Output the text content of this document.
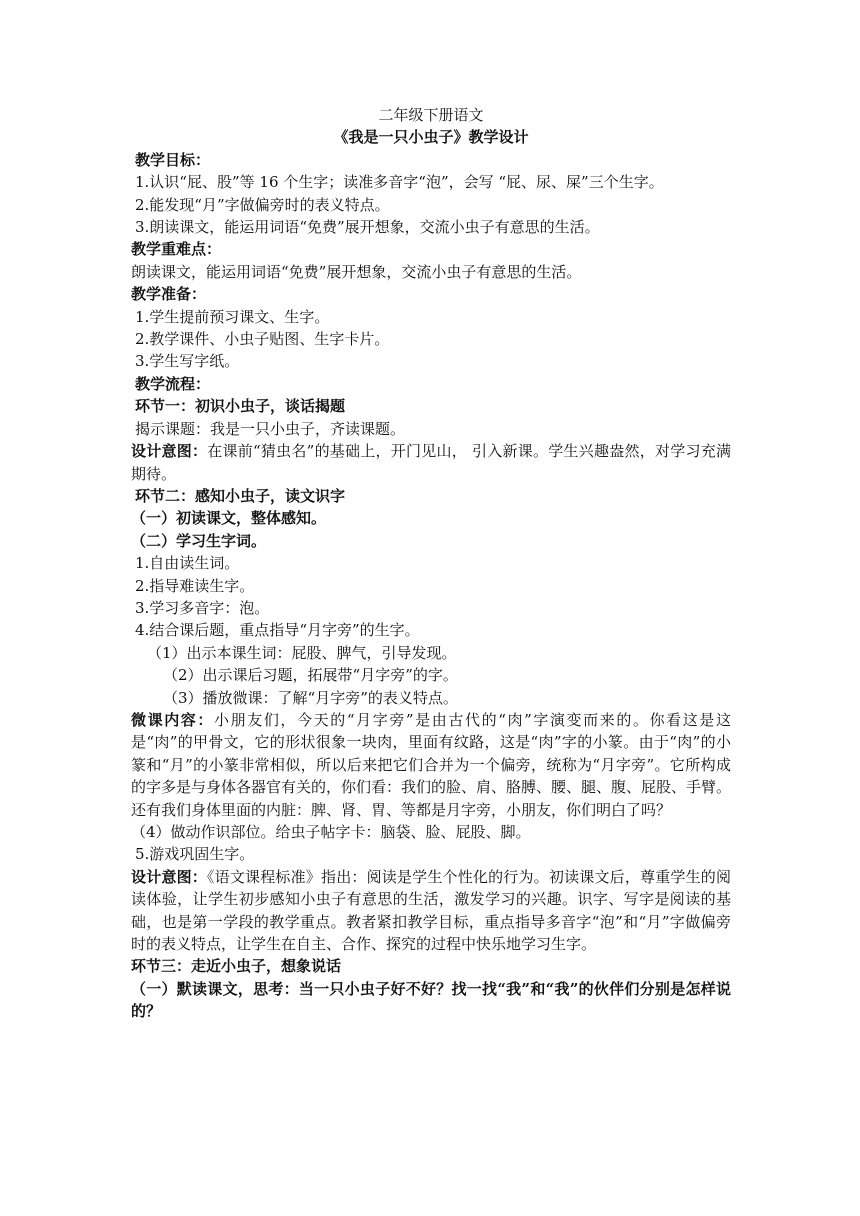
二年级下册语文

《我是一只小虫子》教学设计

教学目标：

1.认识“屁、股”等 16 个生字；读准多音字“泡”，会写 “屁、尿、屎”三个生字。

2.能发现“月”字做偏旁时的表义特点。

3.朗读课文，能运用词语“免费”展开想象，交流小虫子有意思的生活。

教学重难点：

朗读课文，能运用词语“免费”展开想象，交流小虫子有意思的生活。

教学准备：

1.学生提前预习课文、生字。

2.教学课件、小虫子贴图、生字卡片。

3.学生写字纸。

教学流程：

环节一：初识小虫子，谈话揭题

揭示课题：我是一只小虫子，齐读课题。

设计意图：在课前“猜虫名”的基础上，开门见山， 引入新课。学生兴趣盎然，对学习充满期待。

环节二：感知小虫子，读文识字

（一）初读课文，整体感知。

（二）学习生字词。

1.自由读生词。

2.指导难读生字。

3.学习多音字：泡。

4.结合课后题，重点指导“月字旁”的生字。

（1）出示本课生词：屁股、脾气，引导发现。

（2）出示课后习题，拓展带“月字旁”的字。

（3）播放微课：了解“月字旁”的表义特点。

微课内容：小朋友们，今天的“月字旁”是由古代的“肉”字演变而来的。你看这是这是“肉”的甲骨文，它的形状很象一块肉，里面有纹路，这是“肉”字的小篆。由于“肉”的小篆和“月”的小篆非常相似，所以后来把它们合并为一个偏旁，统称为“月字旁”。它所构成的字多是与身体各器官有关的，你们看：我们的脸、肩、胳膊、腰、腿、腹、屁股、手臂。还有我们身体里面的内脏：脾、肾、胃、等都是月字旁，小朋友，你们明白了吗？

（4）做动作识部位。给虫子帖字卡：脑袋、脸、屁股、脚。

5.游戏巩固生字。

设计意图：《语文课程标准》指出：阅读是学生个性化的行为。初读课文后，尊重学生的阅读体验，让学生初步感知小虫子有意思的生活，激发学习的兴趣。识字、写字是阅读的基础，也是第一学段的教学重点。教者紧扣教学目标，重点指导多音字“泡”和“月”字做偏旁时的表义特点，让学生在自主、合作、探究的过程中快乐地学习生字。

环节三：走近小虫子，想象说话

（一）默读课文，思考：当一只小虫子好不好？找一找“我”和“我”的伙伴们分别是怎样说的？
